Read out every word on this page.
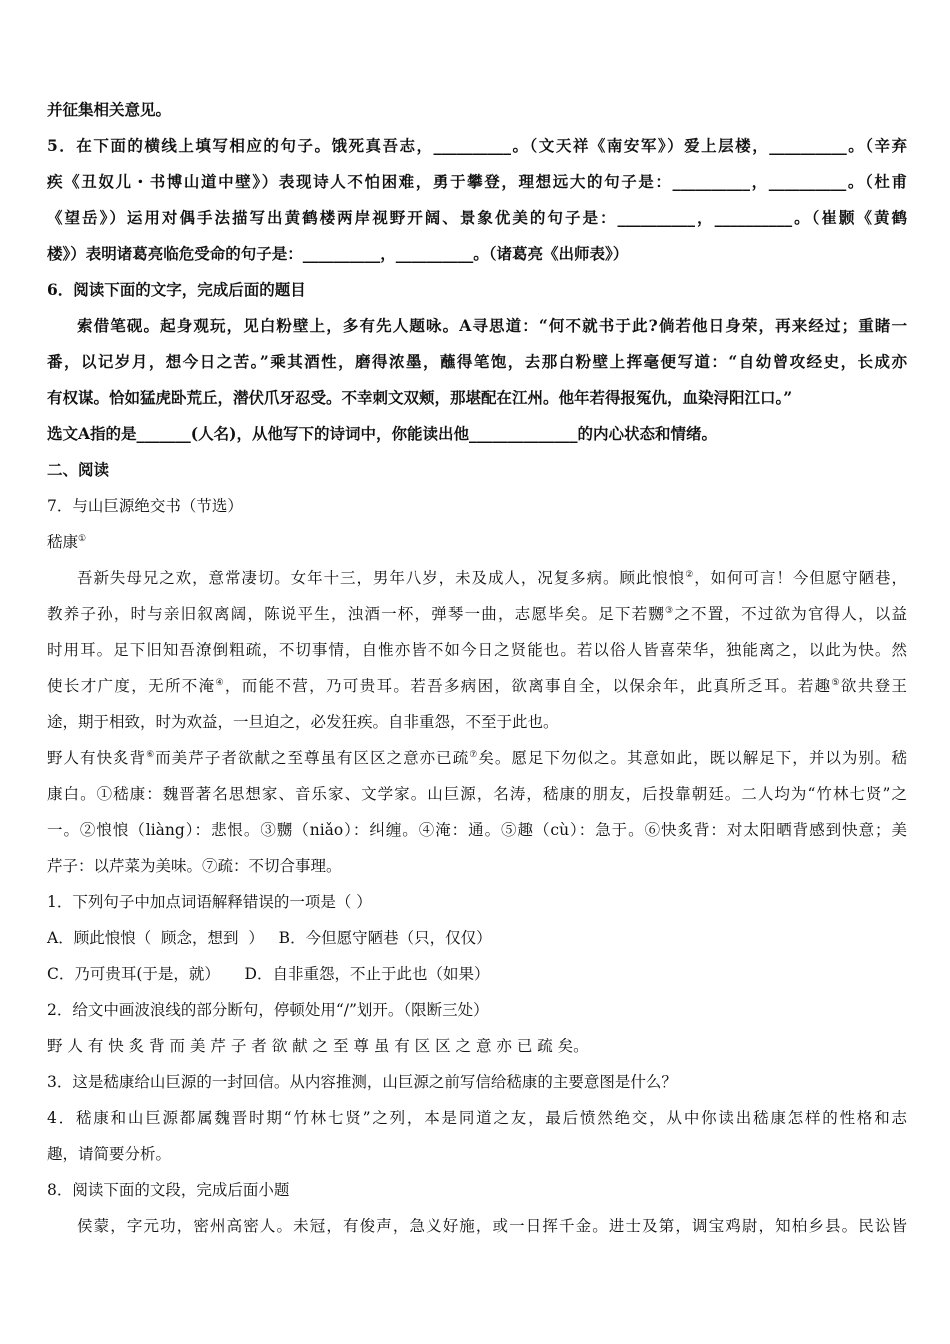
并征集相关意见。
5．在下面的横线上填写相应的句子。饿死真吾志，__________。（文天祥《南安军》）爱上层楼，__________。（辛弃
疾《丑奴儿・书博山道中壁》）表现诗人不怕困难，勇于攀登，理想远大的句子是：__________，__________。（杜甫
《望岳》）运用对偶手法描写出黄鹤楼两岸视野开阔、景象优美的句子是：__________，__________。（崔颢《黄鹤
楼》）表明诸葛亮临危受命的句子是：__________，__________。（诸葛亮《出师表》）
6．阅读下面的文字，完成后面的题目
索借笔砚。起身观玩，见白粉壁上，多有先人题咏。A寻思道：“何不就书于此?倘若他日身荣，再来经过；重睹一
番，以记岁月，想今日之苦。”乘其酒性，磨得浓墨，蘸得笔饱，去那白粉壁上挥毫便写道：“自幼曾攻经史，长成亦
有权谋。恰如猛虎卧荒丘，潜伏爪牙忍受。不幸刺文双颊，那堪配在江州。他年若得报冤仇，血染浔阳江口。”
选文A指的是_______(人名)，从他写下的诗词中，你能读出他______________的内心状态和情绪。
二、阅读
7．与山巨源绝交书（节选）
嵇康①
吾新失母兄之欢，意常凄切。女年十三，男年八岁，未及成人，况复多病。顾此悢悢②，如何可言！今但愿守陋巷，
教养子孙，时与亲旧叙离阔，陈说平生，浊酒一杯，弹琴一曲，志愿毕矣。足下若嬲③之不置，不过欲为官得人，以益
时用耳。足下旧知吾潦倒粗疏，不切事情，自惟亦皆不如今日之贤能也。若以俗人皆喜荣华，独能离之，以此为快。然
使长才广度，无所不淹④，而能不营，乃可贵耳。若吾多病困，欲离事自全，以保余年，此真所乏耳。若趣⑤欲共登王
途，期于相致，时为欢益，一旦迫之，必发狂疾。自非重怨，不至于此也。
野人有快炙背⑥而美芹子者欲献之至尊虽有区区之意亦已疏⑦矣。愿足下勿似之。其意如此，既以解足下，并以为别。嵇
康白。①嵇康：魏晋著名思想家、音乐家、文学家。山巨源，名涛，嵇康的朋友，后投靠朝廷。二人均为“竹林七贤”之
一。②悢悢（liàng）：悲恨。③嬲（niǎo）：纠缠。④淹：通。⑤趣（cù）：急于。⑥快炙背：对太阳晒背感到快意；美
芹子：以芹菜为美味。⑦疏：不切合事理。
1．下列句子中加点词语解释错误的一项是（ ）
A．顾此悢悢（  顾念，想到  ）   B．今但愿守陋巷（只，仅仅）
C．乃可贵耳(于是，就）     D．自非重怨，不止于此也（如果）
2．给文中画波浪线的部分断句，停顿处用“/”划开。（限断三处）
野 人 有 快 炙 背 而 美 芹 子 者 欲 献 之 至 尊 虽 有 区 区 之 意 亦 已 疏 矣。
3．这是嵇康给山巨源的一封回信。从内容推测，山巨源之前写信给嵇康的主要意图是什么？
4．嵇康和山巨源都属魏晋时期“竹林七贤”之列，本是同道之友，最后愤然绝交，从中你读出嵇康怎样的性格和志
趣，请简要分析。
8．阅读下面的文段，完成后面小题
侯蒙，字元功，密州高密人。未冠，有俊声，急义好施，或一日挥千金。进士及第，调宝鸡尉，知柏乡县。民讼皆
